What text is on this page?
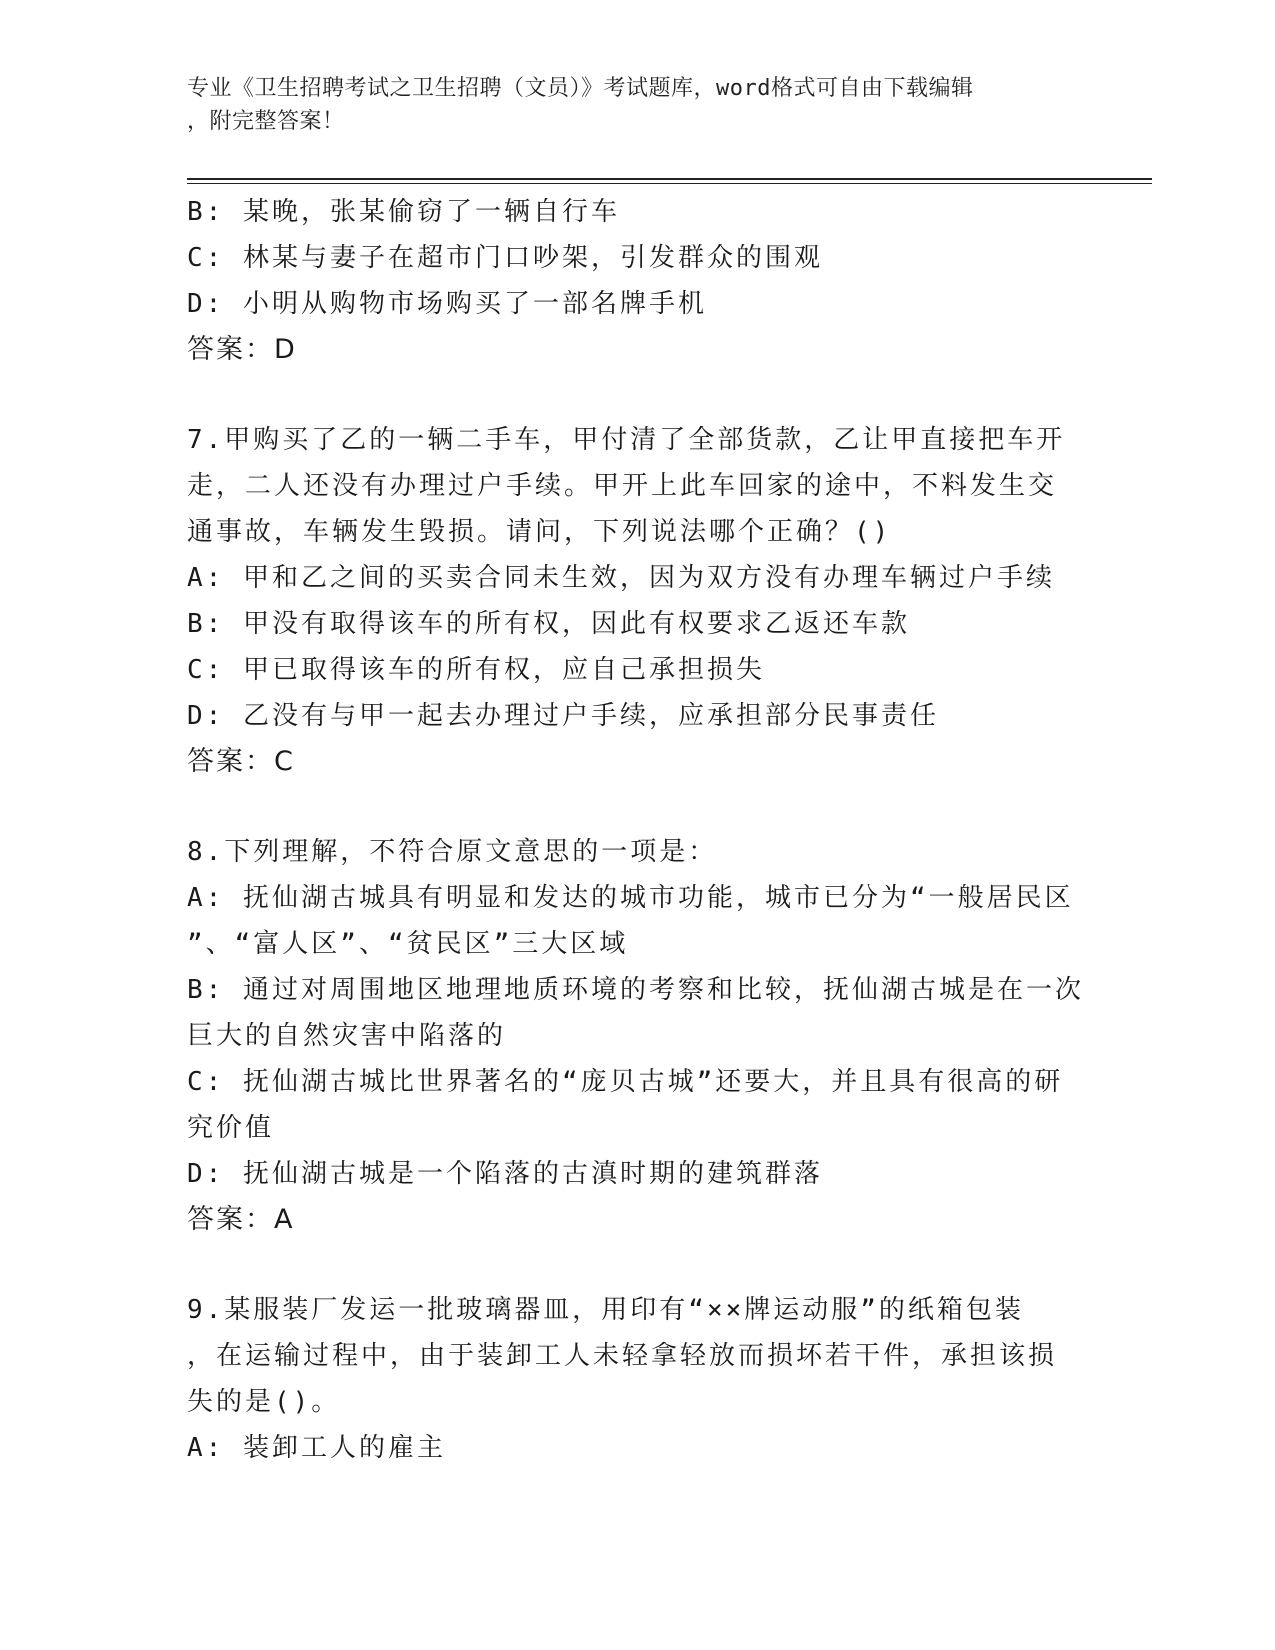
专业《卫生招聘考试之卫生招聘（文员）》考试题库，word格式可自由下载编辑
，附完整答案！
B: 某晚，张某偷窃了一辆自行车
C: 林某与妻子在超市门口吵架，引发群众的围观
D: 小明从购物市场购买了一部名牌手机
答案：D
7.甲购买了乙的一辆二手车，甲付清了全部货款，乙让甲直接把车开
走，二人还没有办理过户手续。甲开上此车回家的途中，不料发生交
通事故，车辆发生毁损。请问，下列说法哪个正确？()
A: 甲和乙之间的买卖合同未生效，因为双方没有办理车辆过户手续
B: 甲没有取得该车的所有权，因此有权要求乙返还车款
C: 甲已取得该车的所有权，应自己承担损失
D: 乙没有与甲一起去办理过户手续，应承担部分民事责任
答案：C
8.下列理解，不符合原文意思的一项是：
A: 抚仙湖古城具有明显和发达的城市功能，城市已分为“一般居民区
”、“富人区”、“贫民区”三大区域
B: 通过对周围地区地理地质环境的考察和比较，抚仙湖古城是在一次
巨大的自然灾害中陷落的
C: 抚仙湖古城比世界著名的“庞贝古城”还要大，并且具有很高的研
究价值
D: 抚仙湖古城是一个陷落的古滇时期的建筑群落
答案：A
9.某服装厂发运一批玻璃器皿，用印有“××牌运动服”的纸箱包装
，在运输过程中，由于装卸工人未轻拿轻放而损坏若干件，承担该损
失的是()。
A: 装卸工人的雇主
